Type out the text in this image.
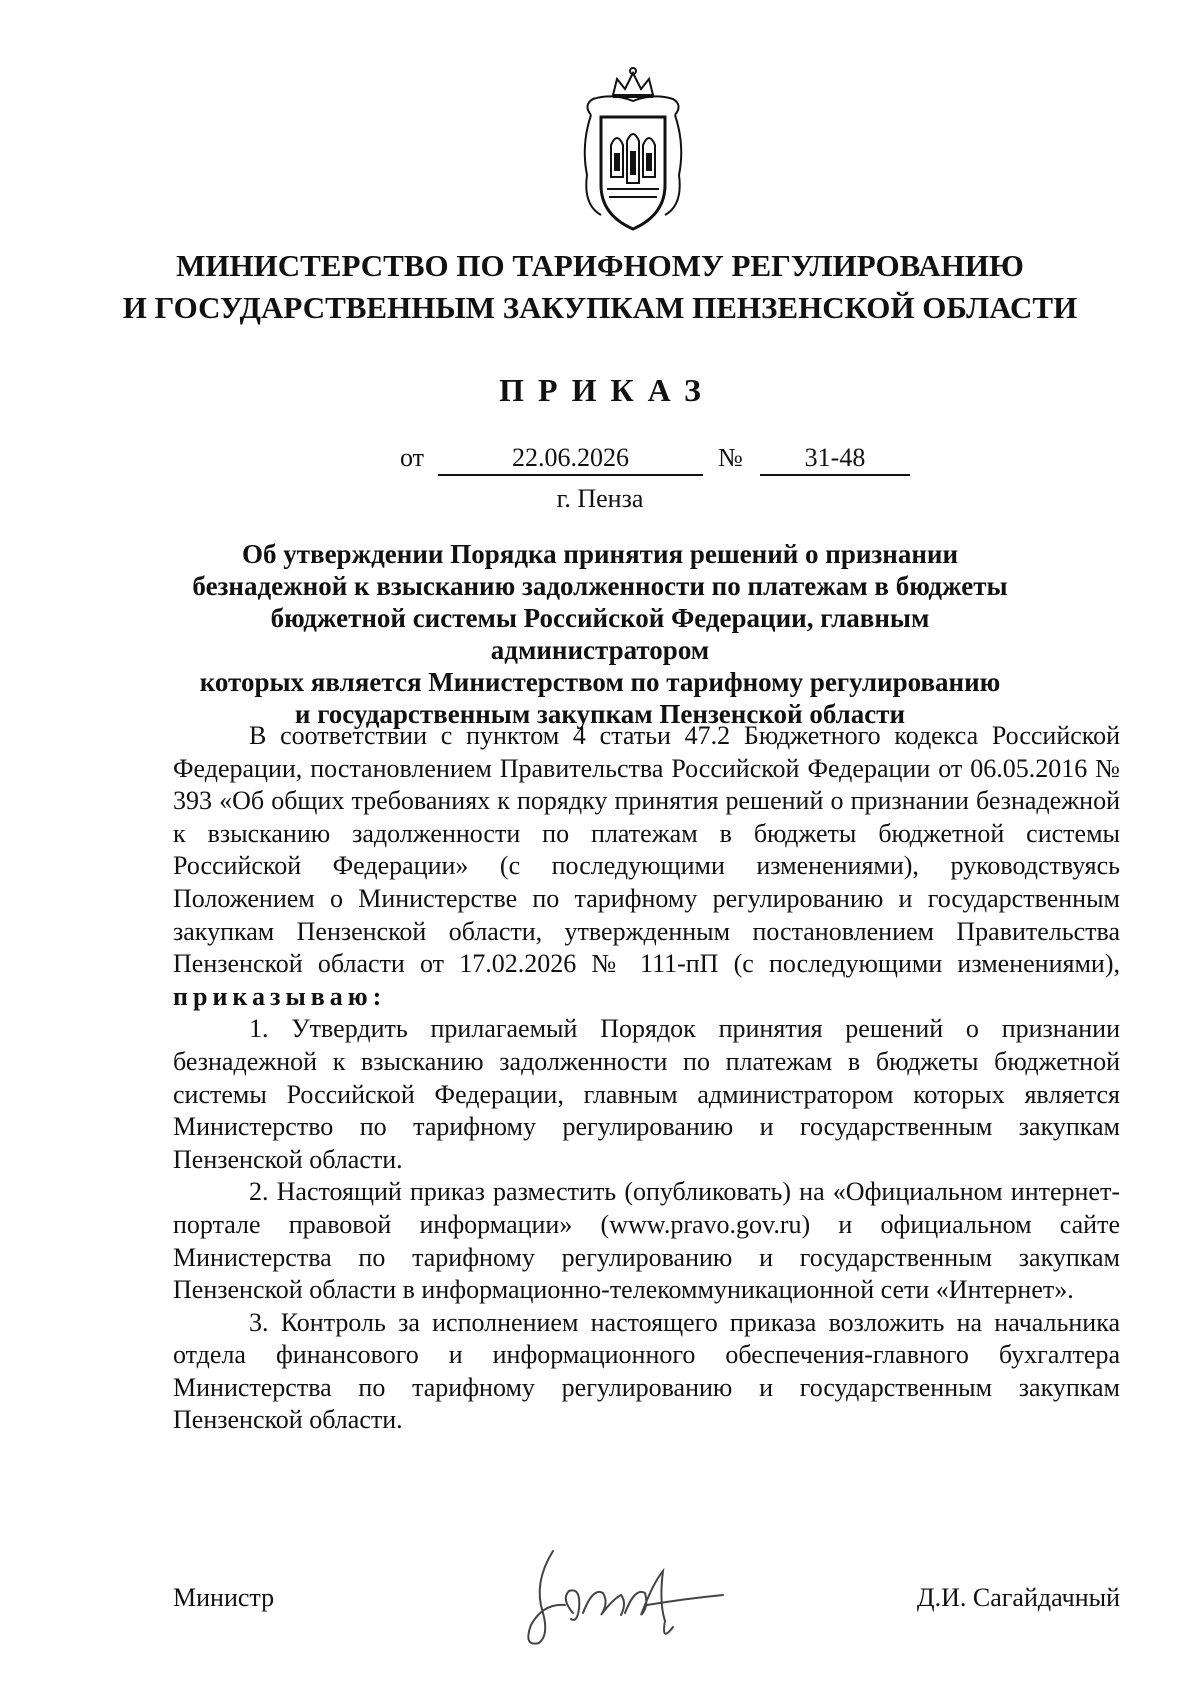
МИНИСТЕРСТВО ПО ТАРИФНОМУ РЕГУЛИРОВАНИЮ
И ГОСУДАРСТВЕННЫМ ЗАКУПКАМ ПЕНЗЕНСКОЙ ОБЛАСТИ
ПРИКАЗ
от	22.06.2026	№	31-48
г. Пенза
Об утверждении Порядка принятия решений о признании
безнадежной к взысканию задолженности по платежам в бюджеты
бюджетной системы Российской Федерации, главным администратором
которых является Министерством по тарифному регулированию
и государственным закупкам Пензенской области

В соответствии с пунктом 4 статьи 47.2 Бюджетного кодекса Российской Федерации, постановлением Правительства Российской Федерации от 06.05.2016 № 393 «Об общих требованиях к порядку принятия решений о признании безнадежной к взысканию задолженности по платежам в бюджеты бюджетной системы Российской Федерации» (с последующими изменениями), руководствуясь Положением о Министерстве по тарифному регулированию и государственным закупкам Пензенской области, утвержденным постановлением Правительства Пензенской области от 17.02.2026 № 111-пП (с последующими изменениями), приказываю:

1. Утвердить прилагаемый Порядок принятия решений о признании безнадежной к взысканию задолженности по платежам в бюджеты бюджетной системы Российской Федерации, главным администратором которых является Министерство по тарифному регулированию и государственным закупкам Пензенской области.

2. Настоящий приказ разместить (опубликовать) на «Официальном интернет-портале правовой информации» (www.pravo.gov.ru) и официальном сайте Министерства по тарифному регулированию и государственным закупкам Пензенской области в информационно-телекоммуникационной сети «Интернет».

3. Контроль за исполнением настоящего приказа возложить на начальника отдела финансового и информационного обеспечения-главного бухгалтера Министерства по тарифному регулированию и государственным закупкам Пензенской области.

Министр	Д.И. Сагайдачный
